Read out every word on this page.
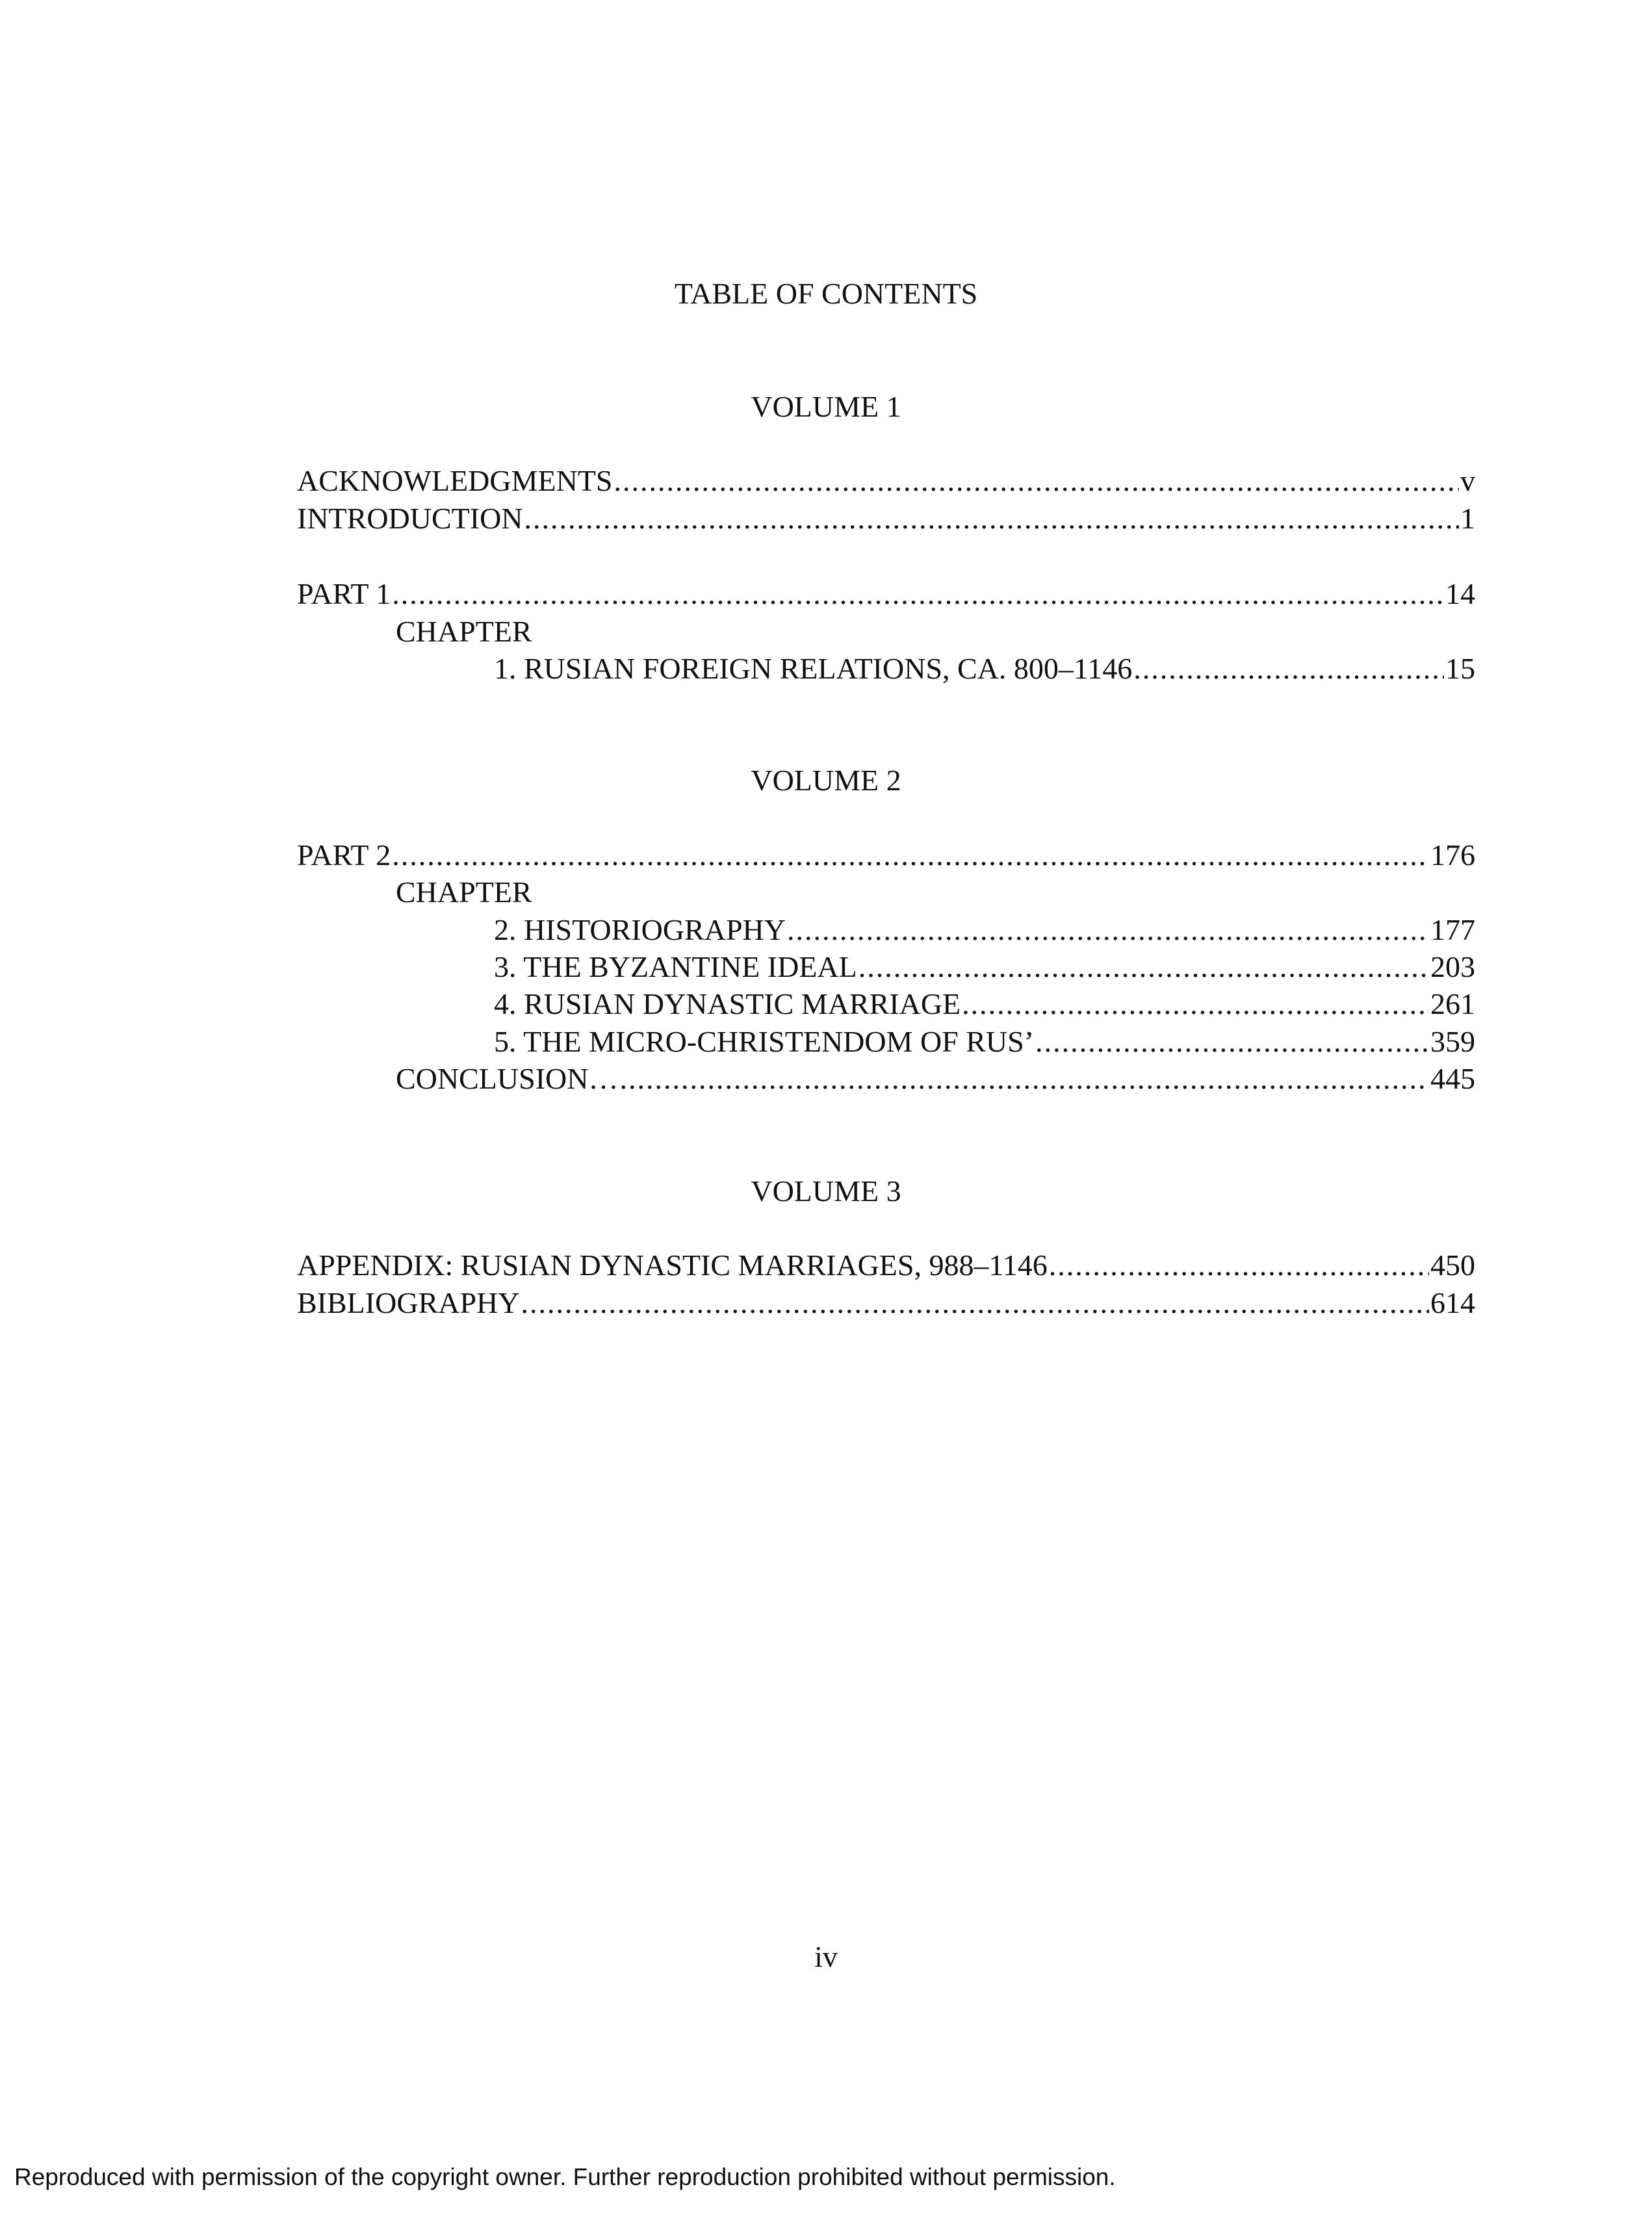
TABLE OF CONTENTS
VOLUME 1
ACKNOWLEDGMENTS .....	v
INTRODUCTION .....	1
PART 1 .....	14
CHAPTER
1. RUSIAN FOREIGN RELATIONS, CA. 800–1146 .....	15
VOLUME 2
PART 2 .....	176
CHAPTER
2. HISTORIOGRAPHY .....	177
3. THE BYZANTINE IDEAL .....	203
4. RUSIAN DYNASTIC MARRIAGE .....	261
5. THE MICRO-CHRISTENDOM OF RUS’ .....	359
CONCLUSION… .....	445
VOLUME 3
APPENDIX: RUSIAN DYNASTIC MARRIAGES, 988–1146 .....	450
BIBLIOGRAPHY .....	614
iv
Reproduced with permission of the copyright owner. Further reproduction prohibited without permission.
